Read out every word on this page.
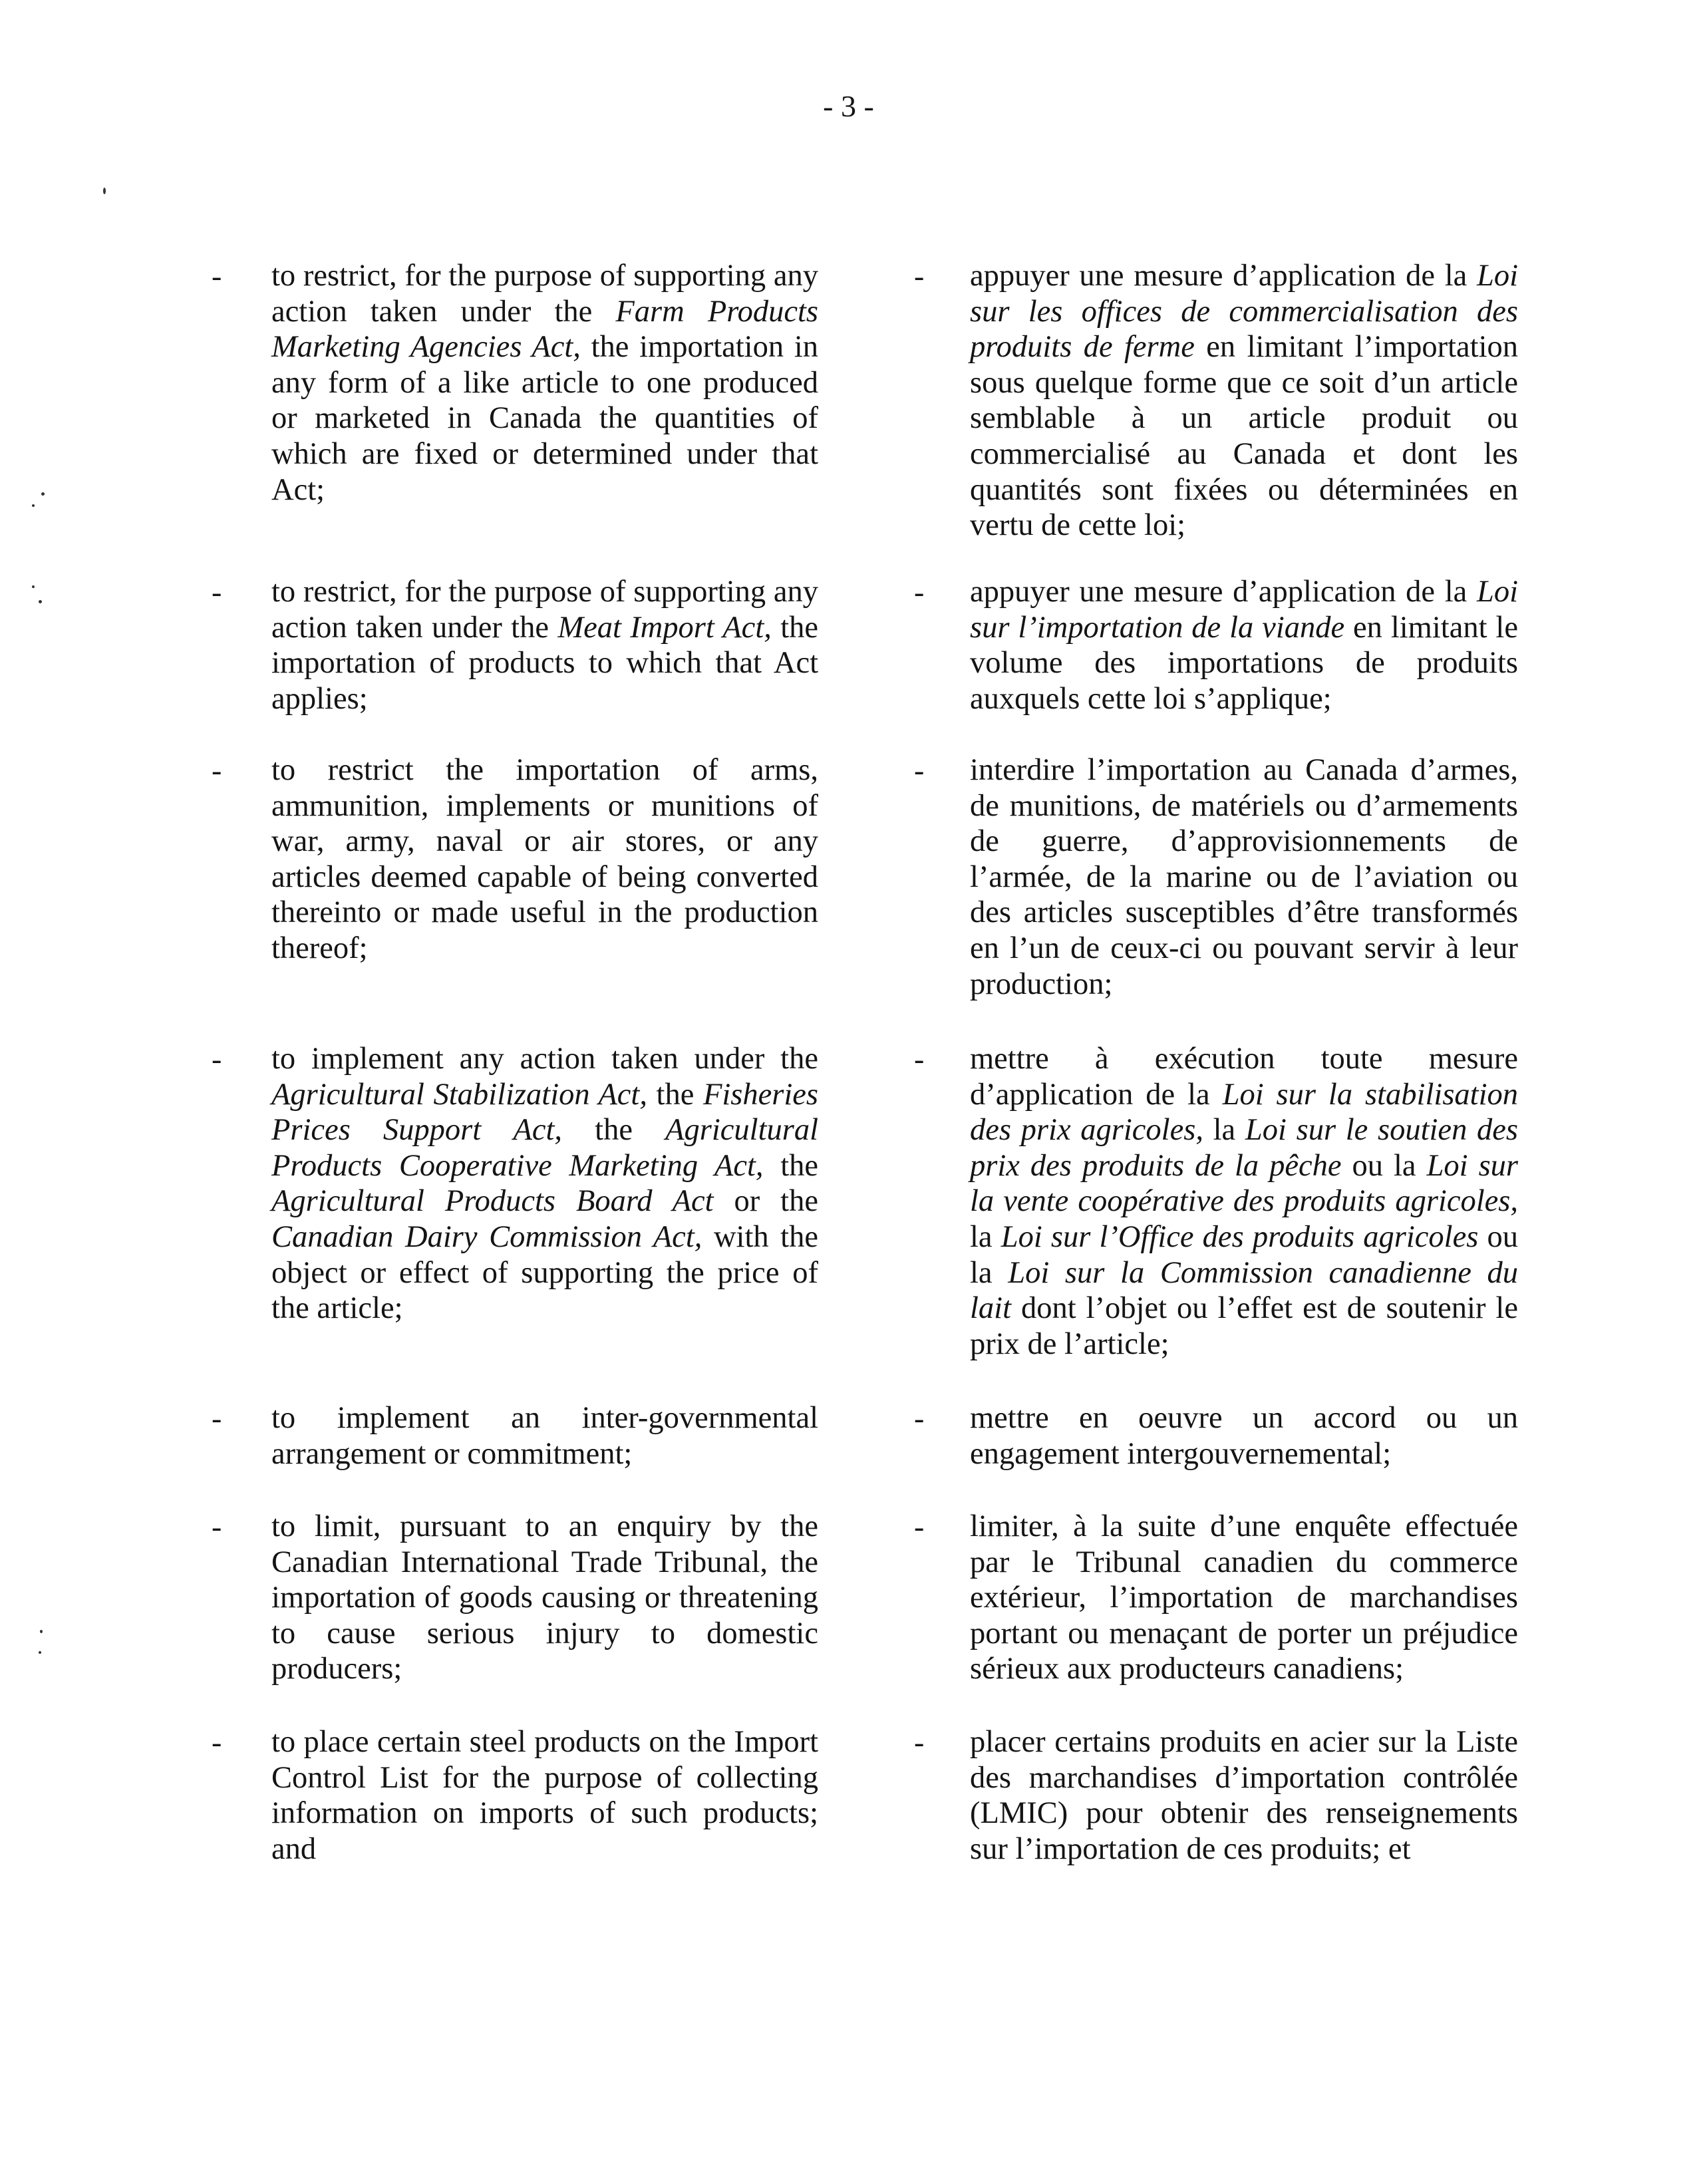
- 3 -
- to restrict, for the purpose of supporting any action taken under the Farm Products Marketing Agencies Act, the importation in any form of a like article to one produced or marketed in Canada the quantities of which are fixed or determined under that Act;

- appuyer une mesure d’application de la Loi sur les offices de commercialisation des produits de ferme en limitant l’importation sous quelque forme que ce soit d’un article semblable à un article produit ou commercialisé au Canada et dont les quantités sont fixées ou déterminées en vertu de cette loi;

- to restrict, for the purpose of supporting any action taken under the Meat Import Act, the importation of products to which that Act applies;

- appuyer une mesure d’application de la Loi sur l’importation de la viande en limitant le volume des importations de produits auxquels cette loi s’applique;

- to restrict the importation of arms, ammunition, implements or munitions of war, army, naval or air stores, or any articles deemed capable of being converted thereinto or made useful in the production thereof;

- interdire l’importation au Canada d’armes, de munitions, de matériels ou d’armements de guerre, d’approvisionnements de l’armée, de la marine ou de l’aviation ou des articles susceptibles d’être transformés en l’un de ceux-ci ou pouvant servir à leur production;

- to implement any action taken under the Agricultural Stabilization Act, the Fisheries Prices Support Act, the Agricultural Products Cooperative Marketing Act, the Agricultural Products Board Act or the Canadian Dairy Commission Act, with the object or effect of supporting the price of the article;

- mettre à exécution toute mesure d’application de la Loi sur la stabilisation des prix agricoles, la Loi sur le soutien des prix des produits de la pêche ou la Loi sur la vente coopérative des produits agricoles, la Loi sur l’Office des produits agricoles ou la Loi sur la Commission canadienne du lait dont l’objet ou l’effet est de soutenir le prix de l’article;

- to implement an inter-governmental arrangement or commitment;

- mettre en oeuvre un accord ou un engagement intergouvernemental;

- to limit, pursuant to an enquiry by the Canadian International Trade Tribunal, the importation of goods causing or threatening to cause serious injury to domestic producers;

- limiter, à la suite d’une enquête effectuée par le Tribunal canadien du commerce extérieur, l’importation de marchandises portant ou menaçant de porter un préjudice sérieux aux producteurs canadiens;

- to place certain steel products on the Import Control List for the purpose of collecting information on imports of such products; and

- placer certains produits en acier sur la Liste des marchandises d’importation contrôlée (LMIC) pour obtenir des renseignements sur l’importation de ces produits; et
